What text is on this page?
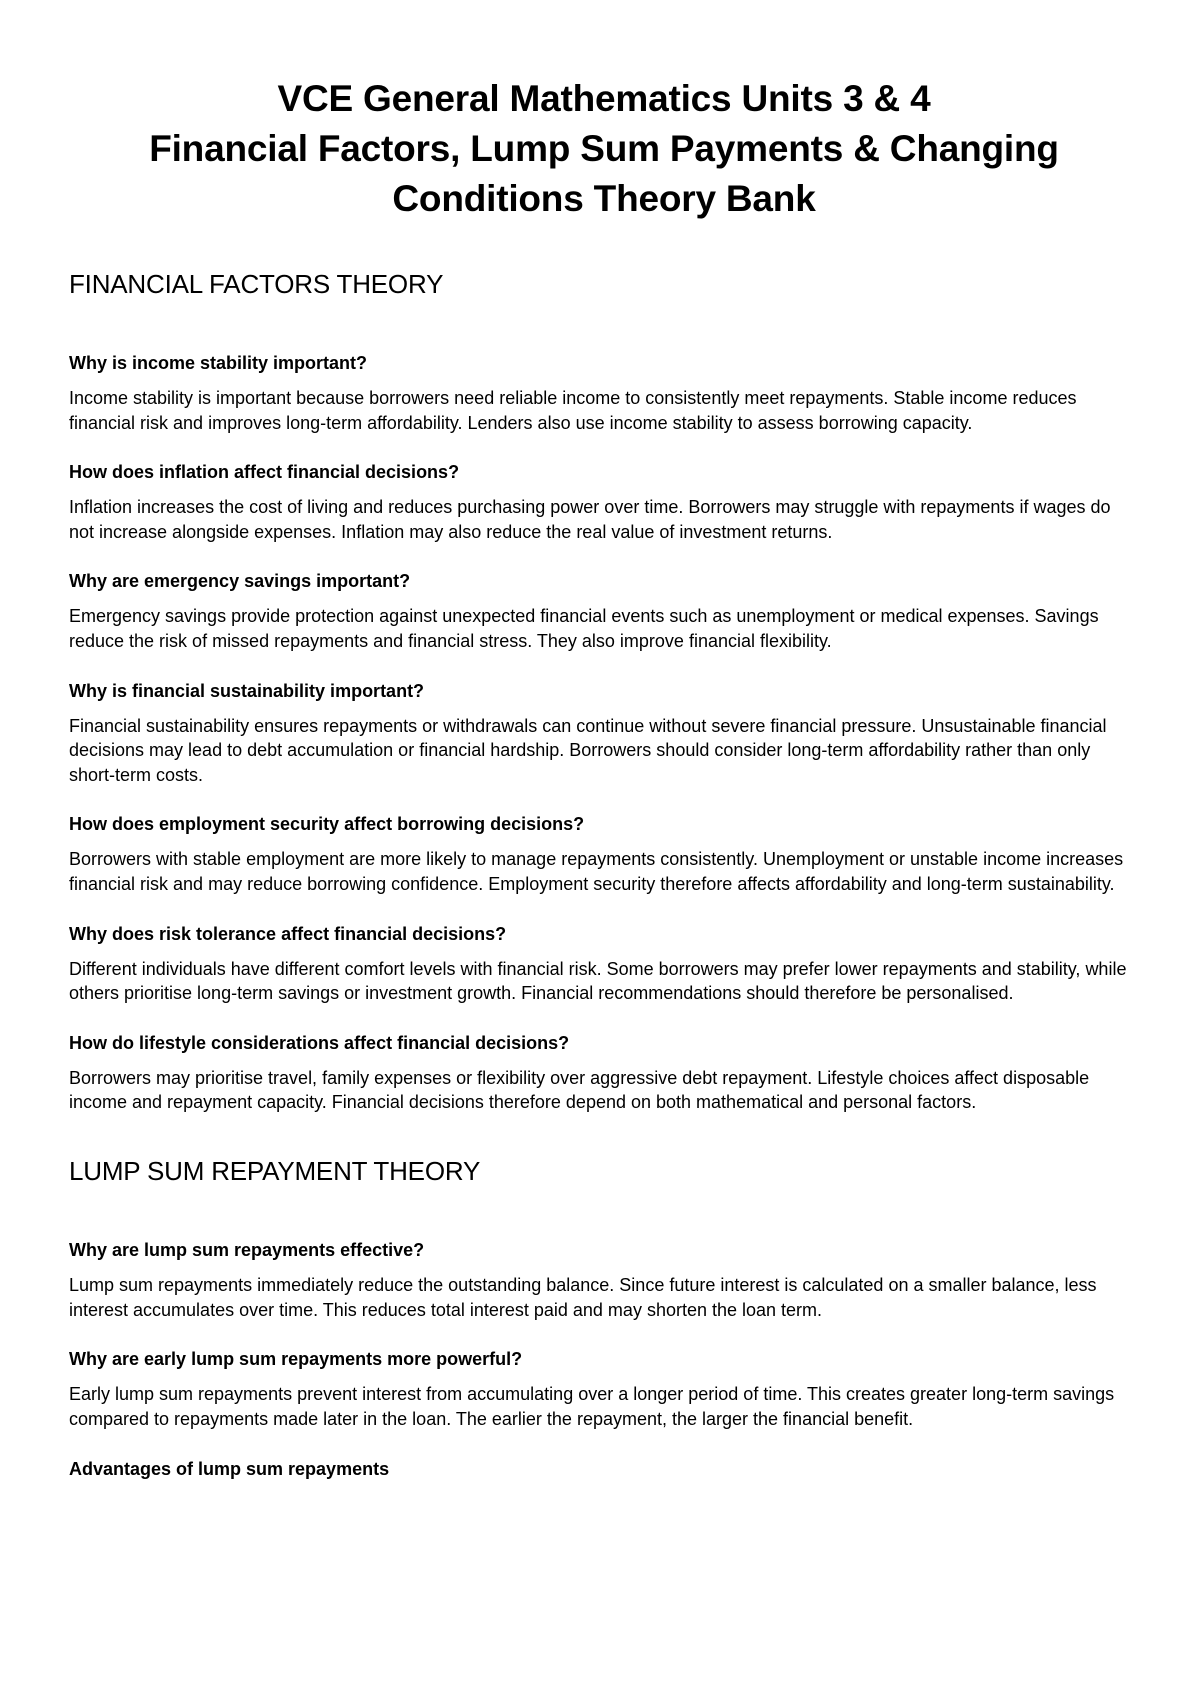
VCE General Mathematics Units 3 & 4
Financial Factors, Lump Sum Payments & Changing
Conditions Theory Bank
FINANCIAL FACTORS THEORY

Why is income stability important?

Income stability is important because borrowers need reliable income to consistently meet repayments. Stable income reduces financial risk and improves long-term affordability. Lenders also use income stability to assess borrowing capacity.

How does inflation affect financial decisions?

Inflation increases the cost of living and reduces purchasing power over time. Borrowers may struggle with repayments if wages do not increase alongside expenses. Inflation may also reduce the real value of investment returns.

Why are emergency savings important?

Emergency savings provide protection against unexpected financial events such as unemployment or medical expenses. Savings reduce the risk of missed repayments and financial stress. They also improve financial flexibility.

Why is financial sustainability important?

Financial sustainability ensures repayments or withdrawals can continue without severe financial pressure. Unsustainable financial decisions may lead to debt accumulation or financial hardship. Borrowers should consider long-term affordability rather than only short-term costs.

How does employment security affect borrowing decisions?

Borrowers with stable employment are more likely to manage repayments consistently. Unemployment or unstable income increases financial risk and may reduce borrowing confidence. Employment security therefore affects affordability and long-term sustainability.

Why does risk tolerance affect financial decisions?

Different individuals have different comfort levels with financial risk. Some borrowers may prefer lower repayments and stability, while others prioritise long-term savings or investment growth. Financial recommendations should therefore be personalised.

How do lifestyle considerations affect financial decisions?

Borrowers may prioritise travel, family expenses or flexibility over aggressive debt repayment. Lifestyle choices affect disposable income and repayment capacity. Financial decisions therefore depend on both mathematical and personal factors.

LUMP SUM REPAYMENT THEORY

Why are lump sum repayments effective?

Lump sum repayments immediately reduce the outstanding balance. Since future interest is calculated on a smaller balance, less interest accumulates over time. This reduces total interest paid and may shorten the loan term.

Why are early lump sum repayments more powerful?

Early lump sum repayments prevent interest from accumulating over a longer period of time. This creates greater long-term savings compared to repayments made later in the loan. The earlier the repayment, the larger the financial benefit.

Advantages of lump sum repayments
